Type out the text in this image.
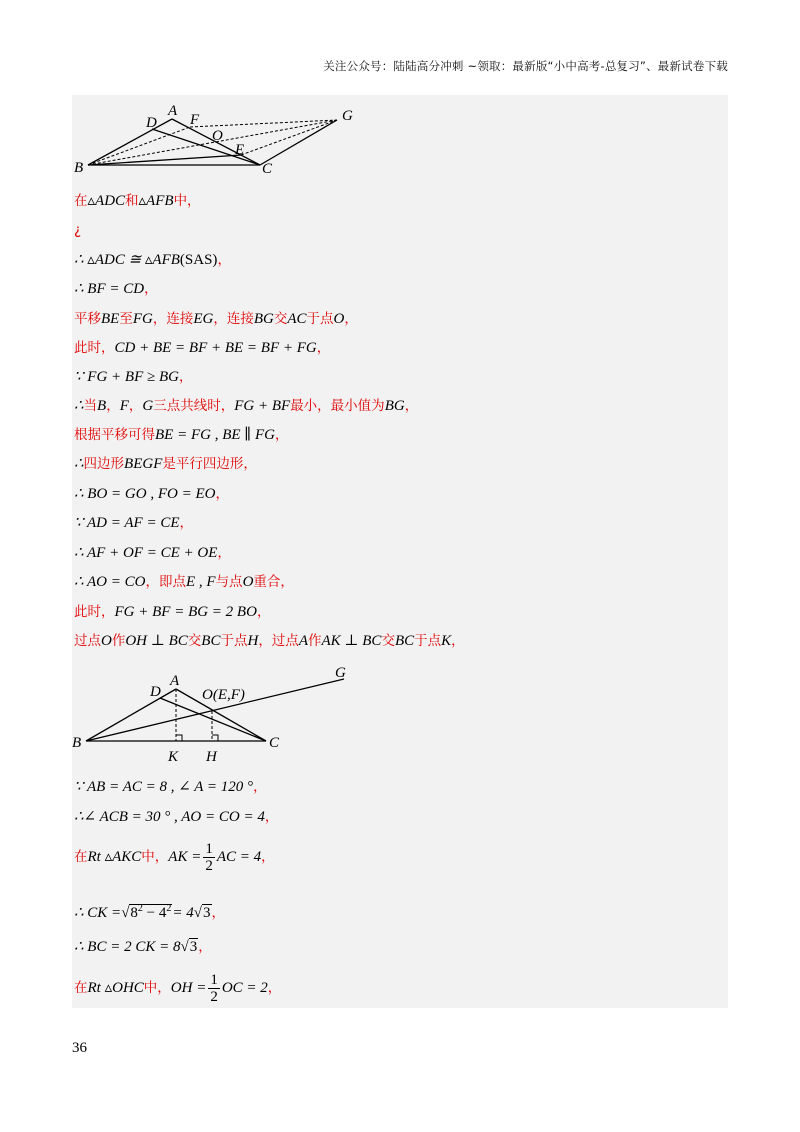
关注公众号：陆陆高分冲刺 ~领取：最新版“小中高考-总复习”、最新试卷下载
B	C
A
D F	G
O
E
在▵ADC和▵AFB中，
¿
∴ ▵ADC ≅ ▵AFB(SAS)，
∴ BF = CD，
平移BE至FG，连接EG，连接BG交AC于点O，
此时，CD + BE = BF + BE = BF + FG，
∵ FG + BF ≥ BG，
∴当B，F，G三点共线时，FG + BF最小，最小值为BG，
根据平移可得BE = FG , BE ∥ FG，
∴四边形BEGF是平行四边形，
∴ BO = GO , FO = EO，
∵ AD = AF = CE，
∴ AF + OF = CE + OE，
∴ AO = CO，即点E , F与点O重合，
此时，FG + BF = BG = 2 BO，
过点O作OH ⊥ BC交BC于点H，过点A作AK ⊥ BC交BC于点K，
B	C
A
D
G
K H
O(E,F)
∵ AB = AC = 8 , ∠ A = 120 °，
∴∠ ACB = 30 ° , AO = CO = 4，
在Rt ▵AKC中，AK = $\frac{1}{2}$ AC = 4，
∴ CK $=√8^2 - 4^2= 4√3$，
∴ BC = 2 CK = 8√3，
在Rt ▵OHC中，OH = $\frac{1}{2}$ OC = 2，
36
